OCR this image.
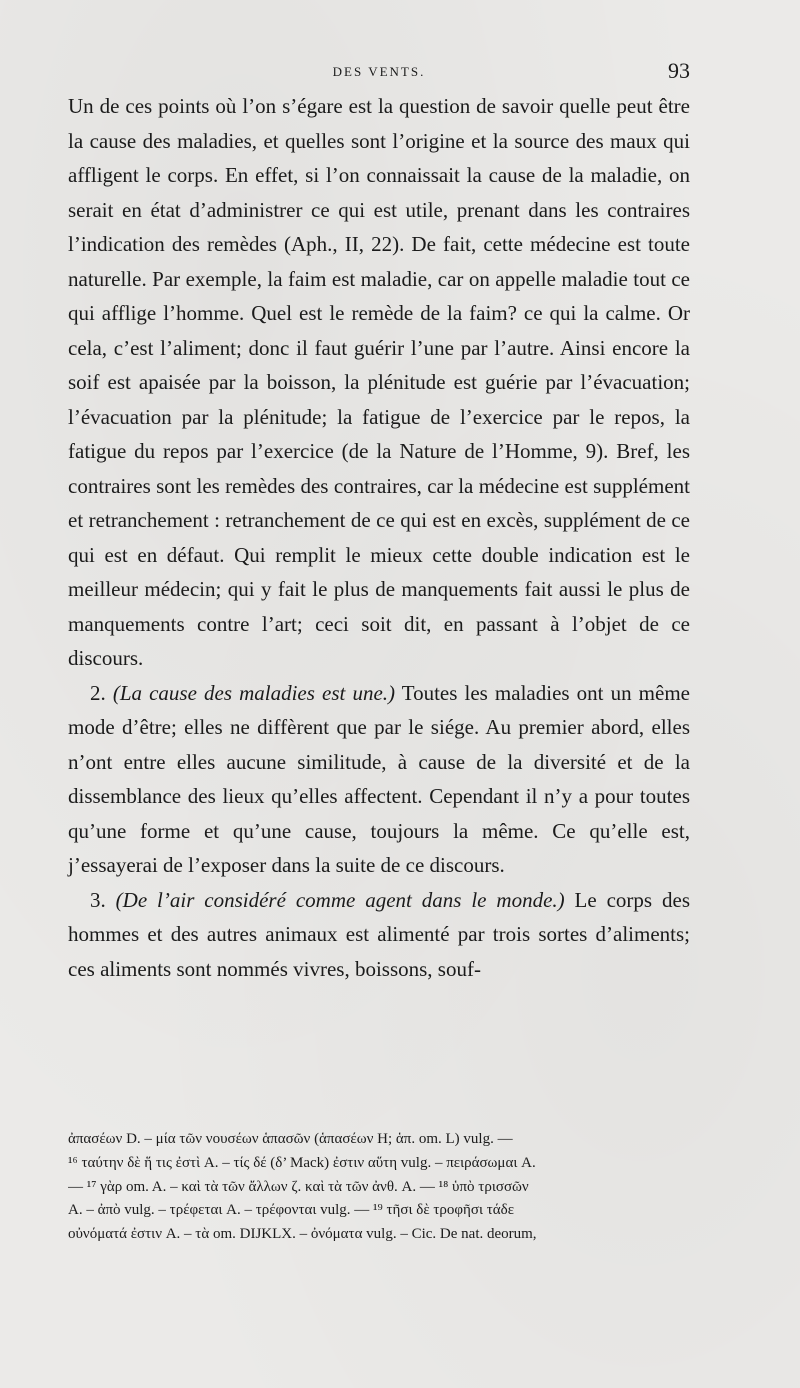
DES VENTS.	93

Un de ces points où l’on s’égare est la question de savoir quelle peut être la cause des maladies, et quelles sont l’origine et la source des maux qui affligent le corps. En effet, si l’on connaissait la cause de la maladie, on serait en état d’administrer ce qui est utile, prenant dans les contraires l’indication des remèdes (Aph., II, 22). De fait, cette médecine est toute naturelle. Par exemple, la faim est maladie, car on appelle maladie tout ce qui afflige l’homme. Quel est le remède de la faim? ce qui la calme. Or cela, c’est l’aliment; donc il faut guérir l’une par l’autre. Ainsi encore la soif est apaisée par la boisson, la plénitude est guérie par l’évacuation; l’évacuation par la plénitude; la fatigue de l’exercice par le repos, la fatigue du repos par l’exercice (de la Nature de l’Homme, 9). Bref, les contraires sont les remèdes des contraires, car la médecine est supplément et retranchement : retranchement de ce qui est en excès, supplément de ce qui est en défaut. Qui remplit le mieux cette double indication est le meilleur médecin; qui y fait le plus de manquements fait aussi le plus de manquements contre l’art; ceci soit dit, en passant à l’objet de ce discours.

2. (La cause des maladies est une.) Toutes les maladies ont un même mode d’être; elles ne diffèrent que par le siége. Au premier abord, elles n’ont entre elles aucune similitude, à cause de la diversité et de la dissemblance des lieux qu’elles affectent. Cependant il n’y a pour toutes qu’une forme et qu’une cause, toujours la même. Ce qu’elle est, j’essayerai de l’exposer dans la suite de ce discours.

3. (De l’air considéré comme agent dans le monde.) Le corps des hommes et des autres animaux est alimenté par trois sortes d’aliments; ces aliments sont nommés vivres, boissons, souf-

ἀπασέων D. – μία τῶν νουσέων ἁπασῶν (ἁπασέων H; ἁπ. om. L) vulg. —
¹⁶ ταύτην δὲ ἥ τις ἐστὶ A. – τίς δέ (δ’ Mack) ἐστιν αὕτη vulg. – πειράσωμαι A.
— ¹⁷ γὰρ om. A. – καὶ τὰ τῶν ἄλλων ζ. καὶ τὰ τῶν ἀνθ. A. — ¹⁸ ὑπὸ τρισσῶν
A. – ἀπὸ vulg. – τρέφεται A. – τρέφονται vulg. — ¹⁹ τῆσι δὲ τροφῆσι τάδε
οὐνόματά ἐστιν A. – τὰ om. DIJKLX. – ὀνόματα vulg. – Cic. De nat. deorum,
